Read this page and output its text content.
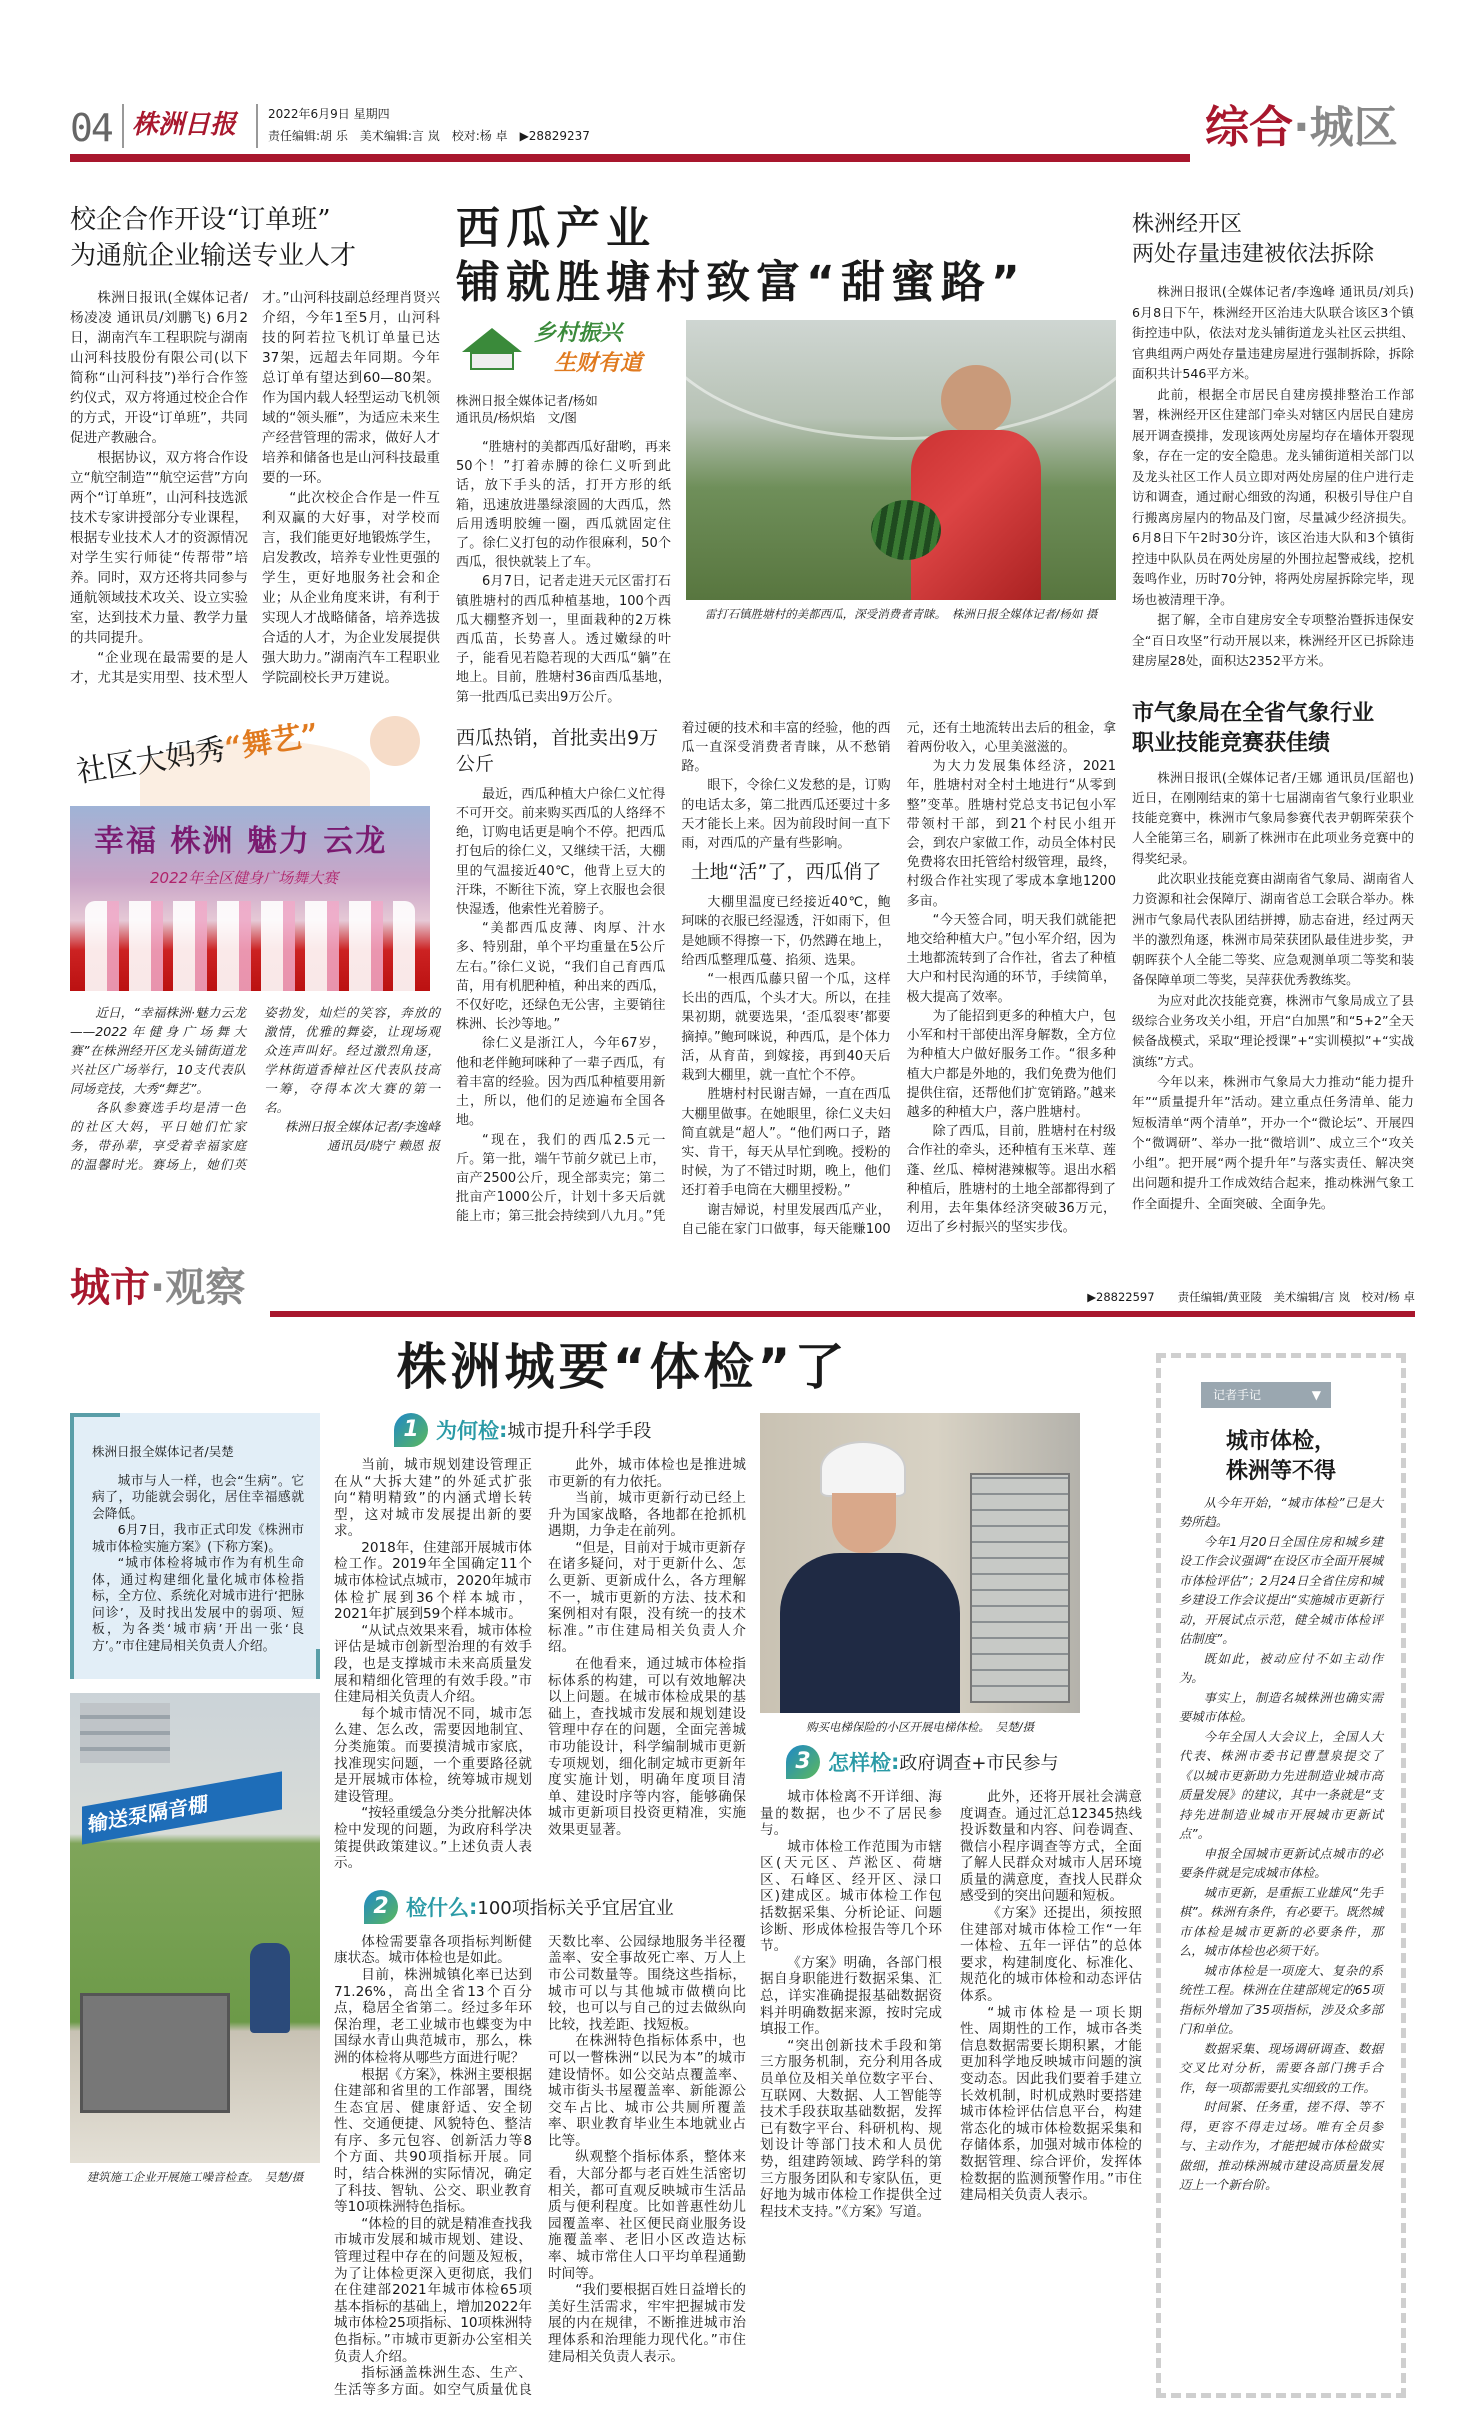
04 株洲日报	2022年6月9日 星期四
责任编辑:胡 乐　美术编辑:言 岚　校对:杨 卓　▶28829237	综合·城区
校企合作开设“订单班”
为通航企业输送专业人才

株洲日报讯(全媒体记者/杨凌凌 通讯员/刘鹏飞) 6月2日，湖南汽车工程职院与湖南山河科技股份有限公司(以下简称“山河科技”)举行合作签约仪式，双方将通过校企合作的方式，开设“订单班”，共同促进产教融合。

根据协议，双方将合作设立“航空制造”“航空运营”方向两个“订单班”，山河科技选派技术专家讲授部分专业课程，根据专业技术人才的资源情况对学生实行师徒“传帮带”培养。同时，双方还将共同参与通航领域技术攻关、设立实验室，达到技术力量、教学力量的共同提升。

“企业现在最需要的是人才，尤其是实用型、技术型人才。”山河科技副总经理肖贤兴介绍，今年1至5月，山河科技的阿若拉飞机订单量已达37架，远超去年同期。今年总订单有望达到60—80架。作为国内载人轻型运动飞机领域的“领头雁”，为适应未来生产经营管理的需求，做好人才培养和储备也是山河科技最重要的一环。

“此次校企合作是一件互利双赢的大好事，对学校而言，我们能更好地锻炼学生，启发教改，培养专业性更强的学生，更好地服务社会和企业；从企业角度来讲，有利于实现人才战略储备，培养选拔合适的人才，为企业发展提供强大助力。”湖南汽车工程职业学院副校长尹万建说。

社区大妈秀“舞艺”
幸福 株洲 魅力 云龙
2022年全区健身广场舞大赛

近日，“幸福株洲·魅力云龙——2022年健身广场舞大赛”在株洲经开区龙头铺街道龙兴社区广场举行，10支代表队同场竞技，大秀“舞艺”。

各队参赛选手均是清一色的社区大妈，平日她们忙家务，带孙辈，享受着幸福家庭的温馨时光。赛场上，她们英姿勃发，灿烂的笑容，奔放的激情，优雅的舞姿，让现场观众连声叫好。经过激烈角逐，学林街道香樟社区代表队技高一筹，夺得本次大赛的第一名。

株洲日报全媒体记者/李逸峰
通讯员/晓宁 赖恩 报
西瓜产业
铺就胜塘村致富“甜蜜路”
乡村振兴
生财有道
株洲日报全媒体记者/杨如
通讯员/杨炽焰　文/图

“胜塘村的美都西瓜好甜哟，再来50个！”打着赤膊的徐仁义听到此话，放下手头的活，打开方形的纸箱，迅速放进墨绿滚圆的大西瓜，然后用透明胶缠一圈，西瓜就固定住了。徐仁义打包的动作很麻利，50个西瓜，很快就装上了车。

6月7日，记者走进天元区雷打石镇胜塘村的西瓜种植基地，100个西瓜大棚整齐划一，里面栽种的2万株西瓜苗，长势喜人。透过嫩绿的叶子，能看见若隐若现的大西瓜“躺”在地上。目前，胜塘村36亩西瓜基地，第一批西瓜已卖出9万公斤。

雷打石镇胜塘村的美都西瓜，深受消费者青睐。　株洲日报全媒体记者/杨如 摄
西瓜热销，首批卖出9万公斤

最近，西瓜种植大户徐仁义忙得不可开交。前来购买西瓜的人络绎不绝，订购电话更是响个不停。把西瓜打包后的徐仁义，又继续干活，大棚里的气温接近40℃，他背上豆大的汗珠，不断往下流，穿上衣服也会很快湿透，他索性光着膀子。

“美都西瓜皮薄、肉厚、汁水多、特别甜，单个平均重量在5公斤左右。”徐仁义说，“我们自己育西瓜苗，用有机肥种植，种出来的西瓜，不仅好吃，还绿色无公害，主要销往株洲、长沙等地。”

徐仁义是浙江人，今年67岁，他和老伴鲍珂咪种了一辈子西瓜，有着丰富的经验。因为西瓜种植要用新土，所以，他们的足迹遍布全国各地。

“现在，我们的西瓜2.5元一斤。第一批，端午节前夕就已上市，亩产2500公斤，现全部卖完；第二批亩产1000公斤，计划十多天后就能上市；第三批会持续到八九月。”凭着过硬的技术和丰富的经验，他的西瓜一直深受消费者青睐，从不愁销路。

眼下，令徐仁义发愁的是，订购的电话太多，第二批西瓜还要过十多天才能长上来。因为前段时间一直下雨，对西瓜的产量有些影响。

土地“活”了，西瓜俏了

大棚里温度已经接近40℃，鲍珂咪的衣服已经湿透，汗如雨下，但是她顾不得擦一下，仍然蹲在地上，给西瓜整理瓜蔓、掐须、选果。

“一根西瓜藤只留一个瓜，这样长出的西瓜，个头才大。所以，在挂果初期，就要选果，‘歪瓜裂枣’都要摘掉。”鲍珂咪说，种西瓜，是个体力活，从育苗，到嫁接，再到40天后栽到大棚里，就一直忙个不停。

胜塘村村民谢吉婦，一直在西瓜大棚里做事。在她眼里，徐仁义夫妇简直就是“超人”。“他们两口子，踏实、肯干，每天从早忙到晚。授粉的时候，为了不错过时期，晚上，他们还打着手电筒在大棚里授粉。”

谢吉婦说，村里发展西瓜产业，自己能在家门口做事，每天能赚100元，还有土地流转出去后的租金，拿着两份收入，心里美滋滋的。

为大力发展集体经济，2021年，胜塘村对全村土地进行“从零到整”变革。胜塘村党总支书记包小军带领村干部，到21个村民小组开会，到农户家做工作，动员全体村民免费将农田托管给村级管理，最终，村级合作社实现了零成本拿地1200多亩。

“今天签合同，明天我们就能把地交给种植大户。”包小军介绍，因为土地都流转到了合作社，省去了种植大户和村民沟通的环节，手续简单，极大提高了效率。

为了能招到更多的种植大户，包小军和村干部使出浑身解数，全方位为种植大户做好服务工作。“很多种植大户都是外地的，我们免费为他们提供住宿，还帮他们扩宽销路。”越来越多的种植大户，落户胜塘村。

除了西瓜，目前，胜塘村在村级合作社的牵头，还种植有玉米草、莲蓬、丝瓜、樟树港辣椒等。退出水稻种植后，胜塘村的土地全部都得到了利用，去年集体经济突破36万元，迈出了乡村振兴的坚实步伐。

株洲经开区
两处存量违建被依法拆除

株洲日报讯(全媒体记者/李逸峰 通讯员/刘兵) 6月8日下午，株洲经开区治违大队联合该区3个镇街控违中队，依法对龙头铺街道龙头社区云拱组、官典组两户两处存量违建房屋进行强制拆除，拆除面积共计546平方米。

此前，根据全市居民自建房摸排整治工作部署，株洲经开区住建部门牵头对辖区内居民自建房展开调查摸排，发现该两处房屋均存在墙体开裂现象，存在一定的安全隐患。龙头铺街道相关部门以及龙头社区工作人员立即对两处房屋的住户进行走访和调查，通过耐心细致的沟通，积极引导住户自行搬离房屋内的物品及门窗，尽量减少经济损失。6月8日下午2时30分许，该区治违大队和3个镇街控违中队队员在两处房屋的外围拉起警戒线，挖机轰鸣作业，历时70分钟，将两处房屋拆除完毕，现场也被清理干净。

据了解，全市自建房安全专项整治暨拆违保安全“百日攻坚”行动开展以来，株洲经开区已拆除违建房屋28处，面积达2352平方米。

市气象局在全省气象行业
职业技能竞赛获佳绩

株洲日报讯(全媒体记者/王娜 通讯员/匡韶也) 近日，在刚刚结束的第十七届湖南省气象行业职业技能竞赛中，株洲市气象局参赛代表尹朝晖荣获个人全能第三名，刷新了株洲市在此项业务竞赛中的得奖纪录。

此次职业技能竞赛由湖南省气象局、湖南省人力资源和社会保障厅、湖南省总工会联合举办。株洲市气象局代表队团结拼搏，励志奋进，经过两天半的激烈角逐，株洲市局荣获团队最佳进步奖，尹朝晖获个人全能二等奖、应急观测单项二等奖和装备保障单项二等奖，吴萍获优秀教练奖。

为应对此次技能竞赛，株洲市气象局成立了县级综合业务攻关小组，开启“白加黑”和“5+2”全天候备战模式，采取“理论授课”+“实训模拟”+“实战演练”方式。

今年以来，株洲市气象局大力推动“能力提升年”“质量提升年”活动。建立重点任务清单、能力短板清单“两个清单”，开办一个“微论坛”、开展四个“微调研”、举办一批“微培训”、成立三个“攻关小组”。把开展“两个提升年”与落实责任、解决突出问题和提升工作成效结合起来，推动株洲气象工作全面提升、全面突破、全面争先。

城市·观察	▶28822597　　责任编辑/黄亚陵　美术编辑/言 岚　校对/杨 卓
株洲城要“体检”了
株洲日报全媒体记者/吴楚

城市与人一样，也会“生病”。它病了，功能就会弱化，居住幸福感就会降低。

6月7日，我市正式印发《株洲市城市体检实施方案》(下称方案)。

“城市体检将城市作为有机生命体，通过构建细化量化城市体检指标，全方位、系统化对城市进行‘把脉问诊’，及时找出发展中的弱项、短板，为各类‘城市病’开出一张‘良方’。”市住建局相关负责人介绍。

输送泵隔音棚
建筑施工企业开展施工噪音检查。　吴楚/摄
1 为何检:城市提升科学手段

当前，城市规划建设管理正在从“大拆大建”的外延式扩张向“精明精致”的内涵式增长转型，这对城市发展提出新的要求。

2018年，住建部开展城市体检工作。2019年全国确定11个城市体检试点城市，2020年城市体检扩展到36个样本城市，2021年扩展到59个样本城市。

“从试点效果来看，城市体检评估是城市创新型治理的有效手段，也是支撑城市未来高质量发展和精细化管理的有效手段。”市住建局相关负责人介绍。

每个城市情况不同，城市怎么建、怎么改，需要因地制宜、分类施策。而要摸清城市家底，找准现实问题，一个重要路径就是开展城市体检，统筹城市规划建设管理。

“按轻重缓急分类分批解决体检中发现的问题，为政府科学决策提供政策建议。”上述负责人表示。

此外，城市体检也是推进城市更新的有力依托。

当前，城市更新行动已经上升为国家战略，各地都在抢抓机遇期，力争走在前列。

“但是，目前对于城市更新存在诸多疑问，对于更新什么、怎么更新、更新成什么，各方理解不一，城市更新的方法、技术和案例相对有限，没有统一的技术标准。”市住建局相关负责人介绍。

在他看来，通过城市体检指标体系的构建，可以有效地解决以上问题。在城市体检成果的基础上，查找城市发展和规划建设管理中存在的问题，全面完善城市功能设计，科学编制城市更新专项规划，细化制定城市更新年度实施计划，明确年度项目清单、建设时序等内容，能够确保城市更新项目投资更精准，实施效果更显著。

2 检什么:100项指标关乎宜居宜业

体检需要靠各项指标判断健康状态。城市体检也是如此。

目前，株洲城镇化率已达到71.26%，高出全省13个百分点，稳居全省第二。经过多年环保治理，老工业城市也蝶变为中国绿水青山典范城市，那么，株洲的体检将从哪些方面进行呢？

根据《方案》，株洲主要根据住建部和省里的工作部署，围绕生态宜居、健康舒适、安全韧性、交通便捷、风貌特色、整洁有序、多元包容、创新活力等8个方面、共90项指标开展。同时，结合株洲的实际情况，确定了科技、智轨、公交、职业教育等10项株洲特色指标。

“体检的目的就是精准查找我市城市发展和城市规划、建设、管理过程中存在的问题及短板，为了让体检更深入更彻底，我们在住建部2021年城市体检65项基本指标的基础上，增加2022年城市体检25项指标、10项株洲特色指标。”市城市更新办公室相关负责人介绍。

指标涵盖株洲生态、生产、生活等多方面。如空气质量优良天数比率、公园绿地服务半径覆盖率、安全事故死亡率、万人上市公司数量等。围绕这些指标，城市可以与其他城市做横向比较，也可以与自己的过去做纵向比较，找差距、找短板。

在株洲特色指标体系中，也可以一瞥株洲“以民为本”的城市建设情怀。如公交站点覆盖率、城市街头书屋覆盖率、新能源公交车占比、城市公共厕所覆盖率、职业教育毕业生本地就业占比等。

纵观整个指标体系，整体来看，大部分都与老百姓生活密切相关，都可直观反映城市生活品质与便利程度。比如普惠性幼儿园覆盖率、社区便民商业服务设施覆盖率、老旧小区改造达标率、城市常住人口平均单程通勤时间等。

“我们要根据百姓日益增长的美好生活需求，牢牢把握城市发展的内在规律，不断推进城市治理体系和治理能力现代化。”市住建局相关负责人表示。

购买电梯保险的小区开展电梯体检。　吴楚/摄
3 怎样检:政府调查+市民参与

城市体检离不开详细、海量的数据，也少不了居民参与。

城市体检工作范围为市辖区(天元区、芦淞区、荷塘区、石峰区、经开区、渌口区)建成区。城市体检工作包括数据采集、分析论证、问题诊断、形成体检报告等几个环节。

《方案》明确，各部门根据自身职能进行数据采集、汇总，详实准确提报基础数据资料并明确数据来源，按时完成填报工作。

“突出创新技术手段和第三方服务机制，充分利用各成员单位及相关单位数字平台、互联网、大数据、人工智能等技术手段获取基础数据，发挥已有数字平台、科研机构、规划设计等部门技术和人员优势，组建跨领域、跨学科的第三方服务团队和专家队伍，更好地为城市体检工作提供全过程技术支持。”《方案》写道。

此外，还将开展社会满意度调查。通过汇总12345热线投诉数量和内容、问卷调查、微信小程序调查等方式，全面了解人民群众对城市人居环境质量的满意度，查找人民群众感受到的突出问题和短板。

《方案》还提出，须按照住建部对城市体检工作“一年一体检、五年一评估”的总体要求，构建制度化、标准化、规范化的城市体检和动态评估体系。

“城市体检是一项长期性、周期性的工作，城市各类信息数据需要长期积累，才能更加科学地反映城市问题的演变动态。因此我们要着手建立长效机制，时机成熟时要搭建城市体检评估信息平台，构建常态化的城市体检数据采集和存储体系，加强对城市体检的数据管理、综合评价，发挥体检数据的监测预警作用。”市住建局相关负责人表示。

记者手记	▼
城市体检，
株洲等不得

从今年开始，“城市体检”已是大势所趋。

今年1月20日全国住房和城乡建设工作会议强调“在设区市全面开展城市体检评估”；2月24日全省住房和城乡建设工作会议提出“实施城市更新行动，开展试点示范，健全城市体检评估制度”。

既如此，被动应付不如主动作为。

事实上，制造名城株洲也确实需要城市体检。

今年全国人大会议上，全国人大代表、株洲市委书记曹慧泉提交了《以城市更新助力先进制造业城市高质量发展》的建议，其中一条就是“支持先进制造业城市开展城市更新试点”。

申报全国城市更新试点城市的必要条件就是完成城市体检。

城市更新，是重振工业雄风“先手棋”。株洲有条件，有必要干。既然城市体检是城市更新的必要条件，那么，城市体检也必须干好。

城市体检是一项庞大、复杂的系统性工程。株洲在住建部规定的65项指标外增加了35项指标，涉及众多部门和单位。

数据采集、现场调研调查、数据交叉比对分析，需要各部门携手合作，每一项都需要扎实细致的工作。

时间紧、任务重，搓不得、等不得，更容不得走过场。唯有全员参与、主动作为，才能把城市体检做实做细，推动株洲城市建设高质量发展迈上一个新台阶。
